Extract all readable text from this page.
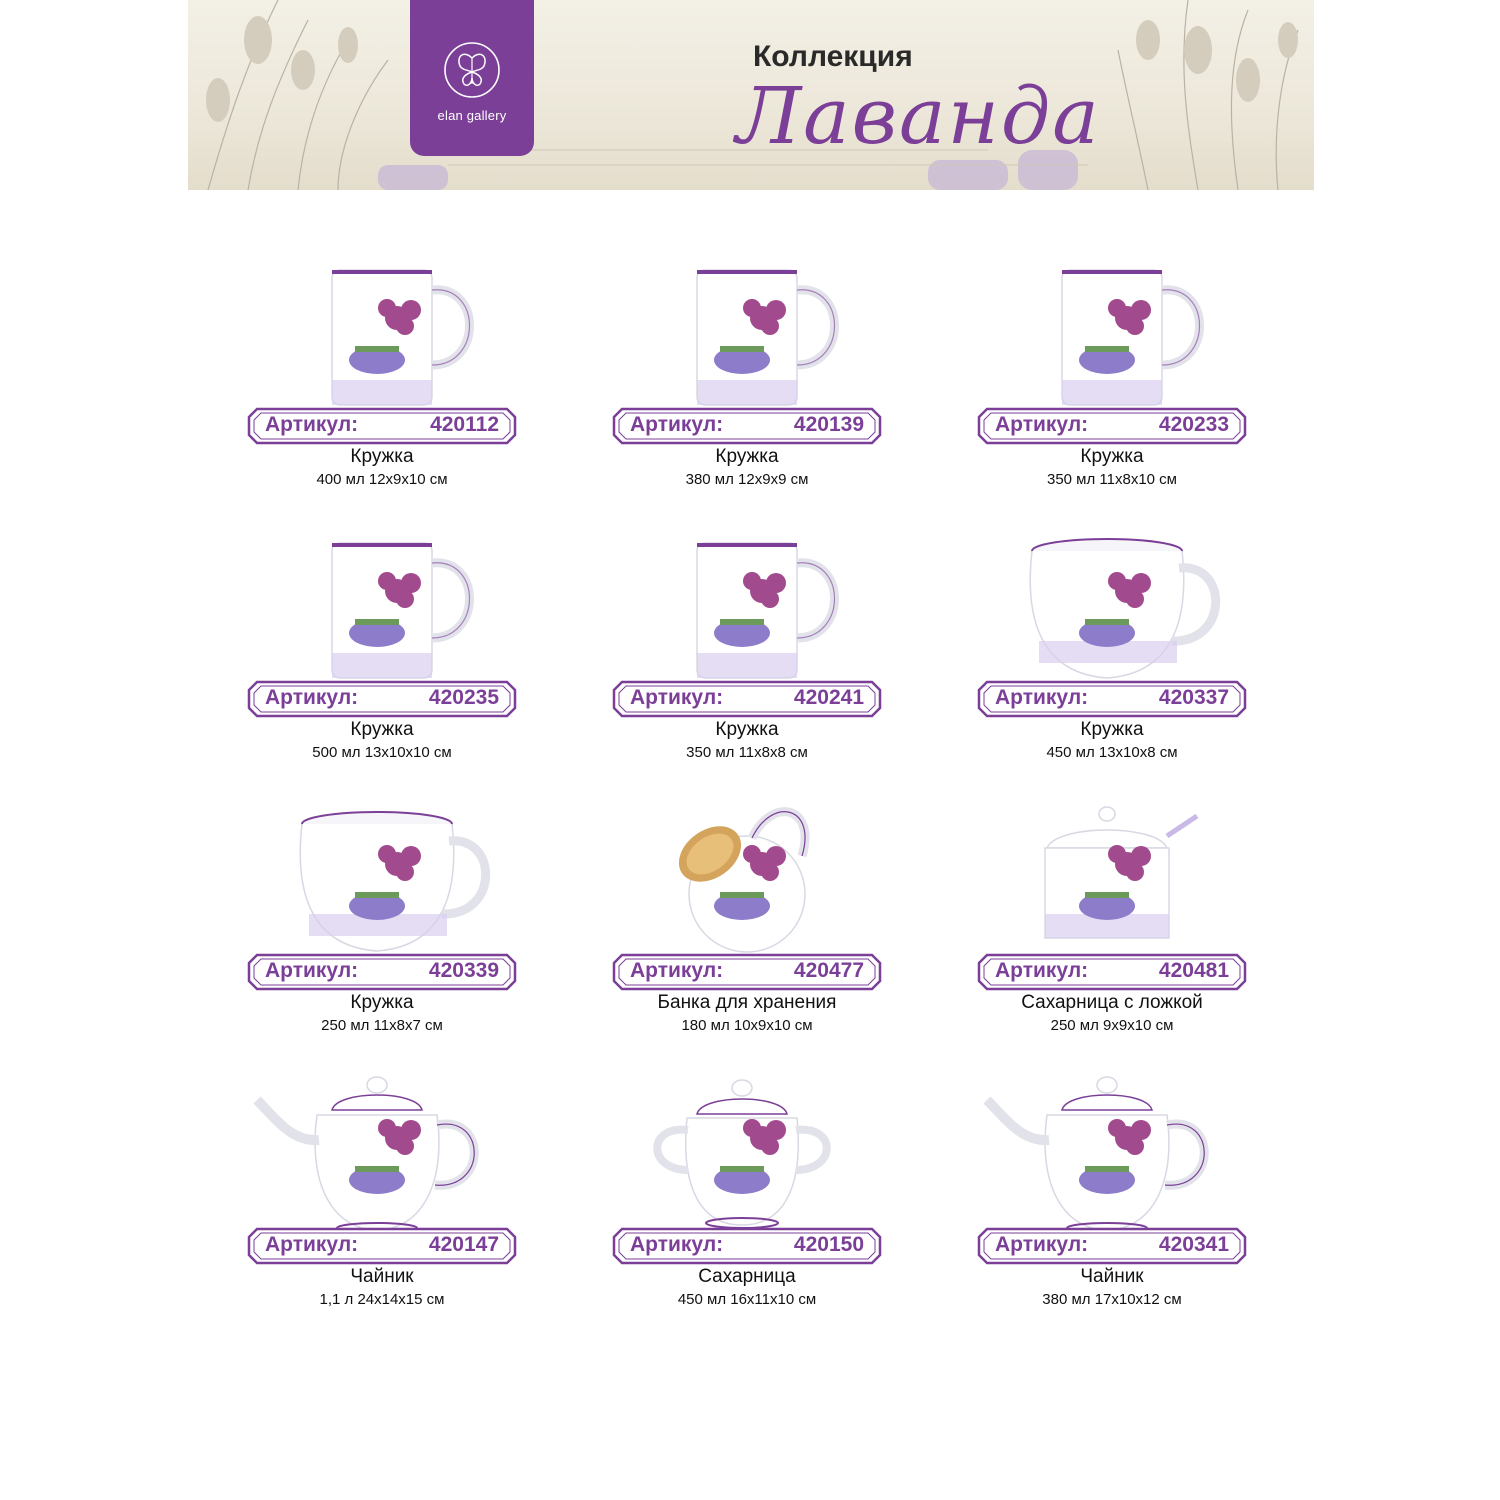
elan gallery
Коллекция
Лаванда
Артикул:	420112
Кружка
400 мл 12x9x10 см
Артикул:	420139
Кружка
380 мл 12x9x9 см
Артикул:	420233
Кружка
350 мл 11x8x10 см
Артикул:	420235
Кружка
500 мл 13x10x10 см
Артикул:	420241
Кружка
350 мл 11x8x8 см
Артикул:	420337
Кружка
450 мл 13x10x8 см
Артикул:	420339
Кружка
250 мл 11x8x7 см
Артикул:	420477
Банка для хранения
180 мл 10x9x10 см
Артикул:	420481
Сахарница с ложкой
250 мл 9x9x10 см
Артикул:	420147
Чайник
1,1 л 24x14x15 см
Артикул:	420150
Сахарница
450 мл 16x11x10 см
Артикул:	420341
Чайник
380 мл 17x10x12 см
